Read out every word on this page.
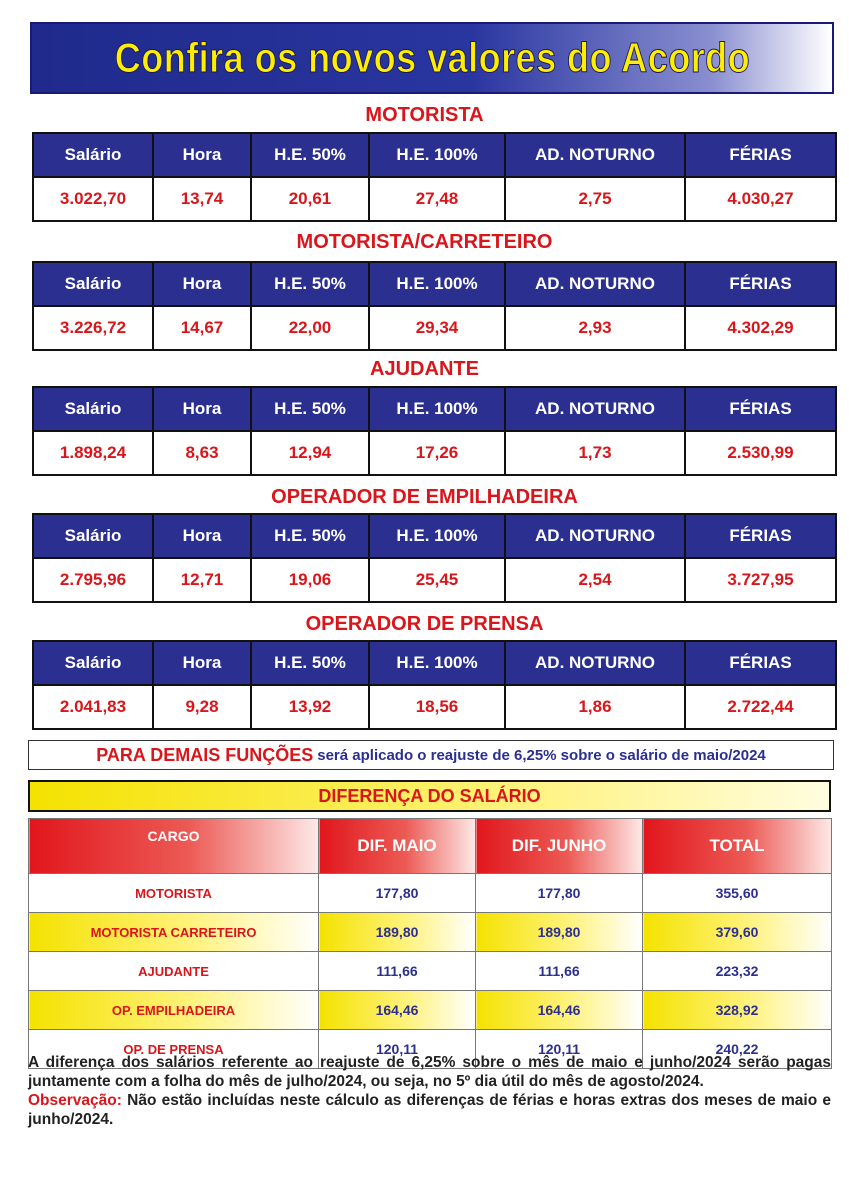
Confira os novos valores do Acordo
MOTORISTA
Salário	Hora	H.E. 50%	H.E. 100%	AD. NOTURNO	FÉRIAS
3.022,70	13,74	20,61	27,48	2,75	4.030,27
MOTORISTA/CARRETEIRO
Salário	Hora	H.E. 50%	H.E. 100%	AD. NOTURNO	FÉRIAS
3.226,72	14,67	22,00	29,34	2,93	4.302,29
AJUDANTE
Salário	Hora	H.E. 50%	H.E. 100%	AD. NOTURNO	FÉRIAS
1.898,24	8,63	12,94	17,26	1,73	2.530,99
OPERADOR DE EMPILHADEIRA
Salário	Hora	H.E. 50%	H.E. 100%	AD. NOTURNO	FÉRIAS
2.795,96	12,71	19,06	25,45	2,54	3.727,95
OPERADOR DE PRENSA
Salário	Hora	H.E. 50%	H.E. 100%	AD. NOTURNO	FÉRIAS
2.041,83	9,28	13,92	18,56	1,86	2.722,44
PARA DEMAIS FUNÇÕES será aplicado o reajuste de 6,25% sobre o salário de maio/2024
DIFERENÇA DO SALÁRIO
CARGO	DIF. MAIO	DIF. JUNHO	TOTAL
MOTORISTA	177,80	177,80	355,60
MOTORISTA CARRETEIRO	189,80	189,80	379,60
AJUDANTE	111,66	111,66	223,32
OP. EMPILHADEIRA	164,46	164,46	328,92
OP. DE PRENSA	120,11	120,11	240,22
A diferença dos salários referente ao reajuste de 6,25% sobre o mês de maio e junho/2024 serão pagas juntamente com a folha do mês de julho/2024, ou seja, no 5º dia útil do mês de agosto/2024.
Observação: Não estão incluídas neste cálculo as diferenças de férias e horas extras dos meses de maio e junho/2024.
